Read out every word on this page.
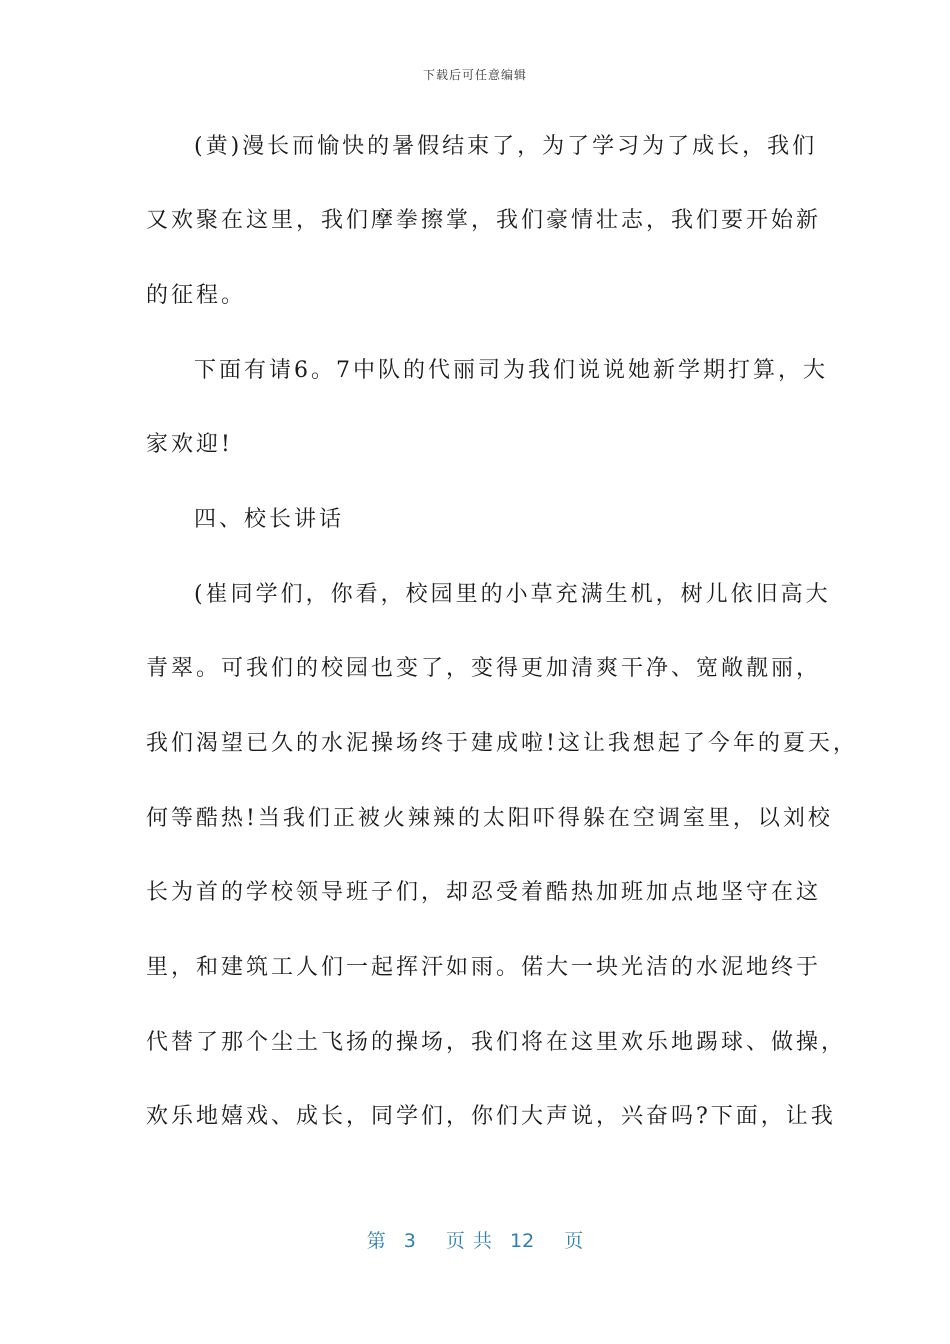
下载后可任意编辑
(黄)漫长而愉快的暑假结束了，为了学习为了成长，我们
又欢聚在这里，我们摩拳擦掌，我们豪情壮志，我们要开始新
的征程。
下面有请6。7中队的代丽司为我们说说她新学期打算，大
家欢迎!
四、校长讲话
(崔同学们，你看，校园里的小草充满生机，树儿依旧高大
青翠。可我们的校园也变了，变得更加清爽干净、宽敞靓丽，
我们渴望已久的水泥操场终于建成啦!这让我想起了今年的夏天，
何等酷热!当我们正被火辣辣的太阳吓得躲在空调室里，以刘校
长为首的学校领导班子们，却忍受着酷热加班加点地坚守在这
里，和建筑工人们一起挥汗如雨。偌大一块光洁的水泥地终于
代替了那个尘土飞扬的操场，我们将在这里欢乐地踢球、做操，
欢乐地嬉戏、成长，同学们，你们大声说，兴奋吗?下面，让我
第 3 页 共 12 页
